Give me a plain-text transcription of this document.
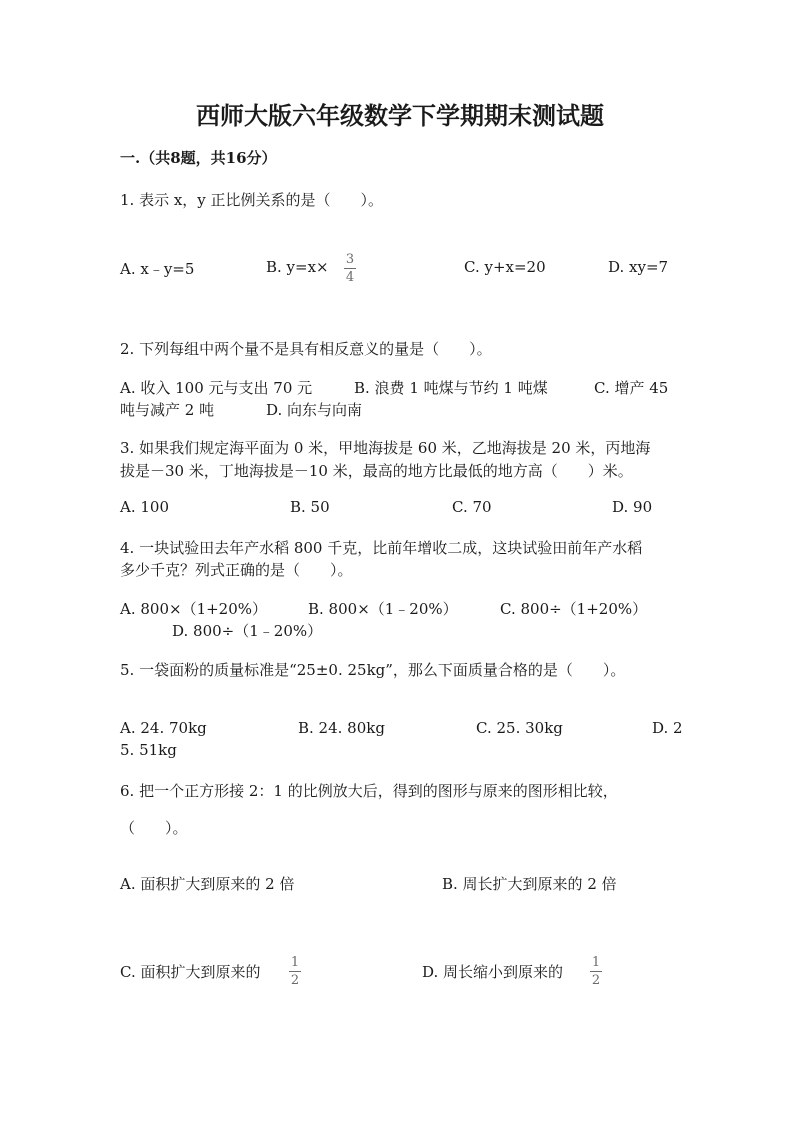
西师大版六年级数学下学期期末测试题
一.（共8题，共16分）
1. 表示 x，y 正比例关系的是（　　）。
A. x﹣y=5	B. y=x× 3
4
C. y+x=20	D. xy=7
2. 下列每组中两个量不是具有相反意义的量是（　　）。
A. 收入 100 元与支出 70 元	B. 浪费 1 吨煤与节约 1 吨煤	C. 增产 45
吨与减产 2 吨	D. 向东与向南
3. 如果我们规定海平面为 0 米，甲地海拔是 60 米，乙地海拔是 20 米，丙地海
拔是－30 米，丁地海拔是－10 米，最高的地方比最低的地方高（　　）米。
A. 100	B. 50	C. 70	D. 90
4. 一块试验田去年产水稻 800 千克，比前年增收二成，这块试验田前年产水稻
多少千克？列式正确的是（　　）。
A. 800×（1+20%）	B. 800×（1﹣20%）	C. 800÷（1+20%）
D. 800÷（1﹣20%）
5. 一袋面粉的质量标准是“25±0. 25kg”，那么下面质量合格的是（　　）。
A. 24. 70kg	B. 24. 80kg	C. 25. 30kg	D. 2
5. 51kg
6. 把一个正方形接 2：1 的比例放大后，得到的图形与原来的图形相比较，
（　　）。
A. 面积扩大到原来的 2 倍	B. 周长扩大到原来的 2 倍
C. 面积扩大到原来的
1
2	D. 周长缩小到原来的
1
2
